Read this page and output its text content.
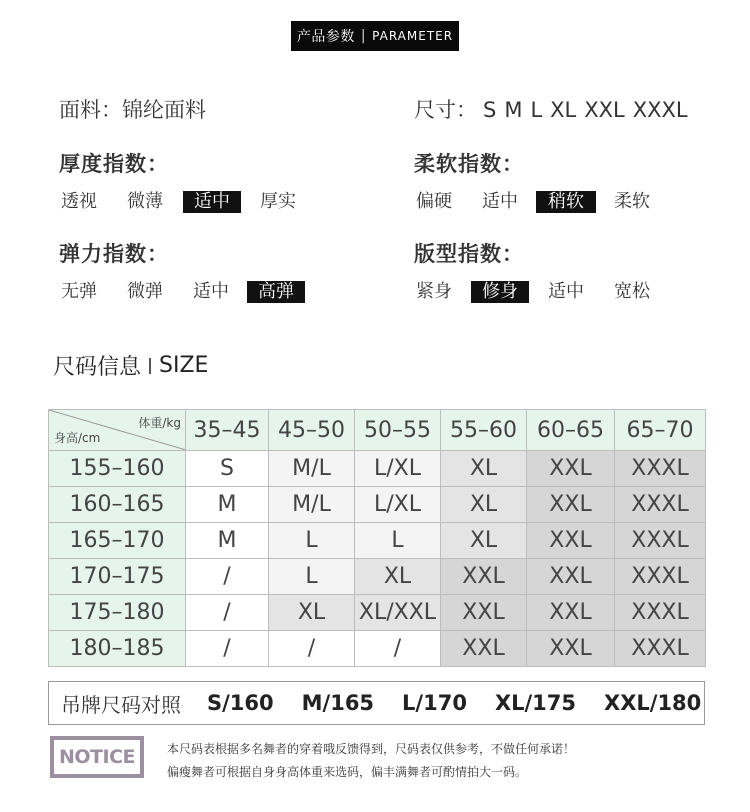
产品参数 | PARAMETER
面料：锦纶面料	尺寸： S M L XL XXL XXXL
厚度指数：
透视 微薄	适中	厚实
柔软指数：
偏硬 适中	稍软	柔软
弹力指数：
无弹 微弹 适中	高弹
版型指数：
紧身	修身	适中 宽松
尺码信息 SIZE
体重/kg
身高/cm	35–45	45–50	50–55	55–60	60–65	65–70
155–160	S	M/L	L/XL	XL	XXL	XXXL
160–165	M	M/L	L/XL	XL	XXL	XXXL
165–170	M	L	L	XL	XXL	XXXL
170–175	/	L	XL	XXL	XXL	XXXL
175–180	/	XL	XL/XXL	XXL	XXL	XXXL
180–185	/	/	/	XXL	XXL	XXXL
吊牌尺码对照 S/160 M/165 L/170 XL/175 XXL/180
NOTICE	本尺码表根据多名舞者的穿着哦反馈得到，尺码表仅供参考，不做任何承诺！
偏瘦舞者可根据自身身高体重来选码，偏丰满舞者可酌情拍大一码。
